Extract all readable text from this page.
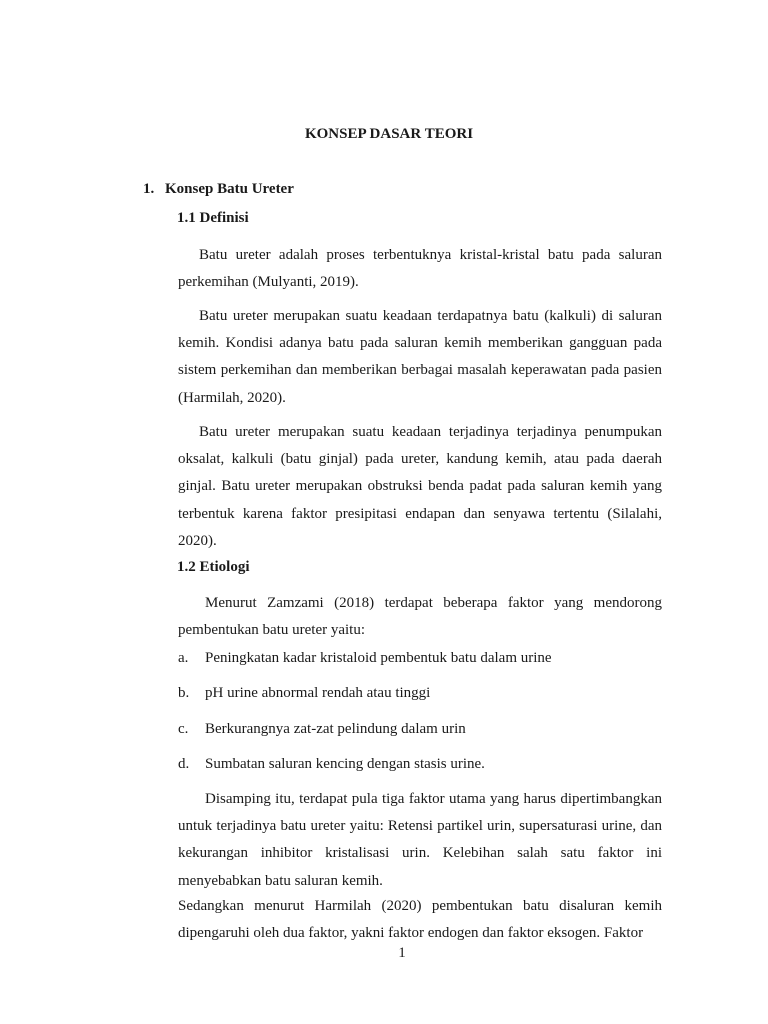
KONSEP DASAR TEORI
1. Konsep Batu Ureter
1.1 Definisi
Batu ureter adalah proses terbentuknya kristal-kristal batu pada saluran perkemihan (Mulyanti, 2019).
Batu ureter merupakan suatu keadaan terdapatnya batu (kalkuli) di saluran kemih. Kondisi adanya batu pada saluran kemih memberikan gangguan pada sistem perkemihan dan memberikan berbagai masalah keperawatan pada pasien (Harmilah, 2020).
Batu ureter merupakan suatu keadaan terjadinya terjadinya penumpukan oksalat, kalkuli (batu ginjal) pada ureter, kandung kemih, atau pada daerah ginjal. Batu ureter merupakan obstruksi benda padat pada saluran kemih yang terbentuk karena faktor presipitasi endapan dan senyawa tertentu (Silalahi, 2020).
1.2 Etiologi
Menurut Zamzami (2018) terdapat beberapa faktor yang mendorong pembentukan batu ureter yaitu:
a. Peningkatan kadar kristaloid pembentuk batu dalam urine
b. pH urine abnormal rendah atau tinggi
c. Berkurangnya zat-zat pelindung dalam urin
d. Sumbatan saluran kencing dengan stasis urine.
Disamping itu, terdapat pula tiga faktor utama yang harus dipertimbangkan untuk terjadinya batu ureter yaitu: Retensi partikel urin, supersaturasi urine, dan kekurangan inhibitor kristalisasi urin. Kelebihan salah satu faktor ini menyebabkan batu saluran kemih.
Sedangkan menurut Harmilah (2020) pembentukan batu disaluran kemih dipengaruhi oleh dua faktor, yakni faktor endogen dan faktor eksogen. Faktor
1
